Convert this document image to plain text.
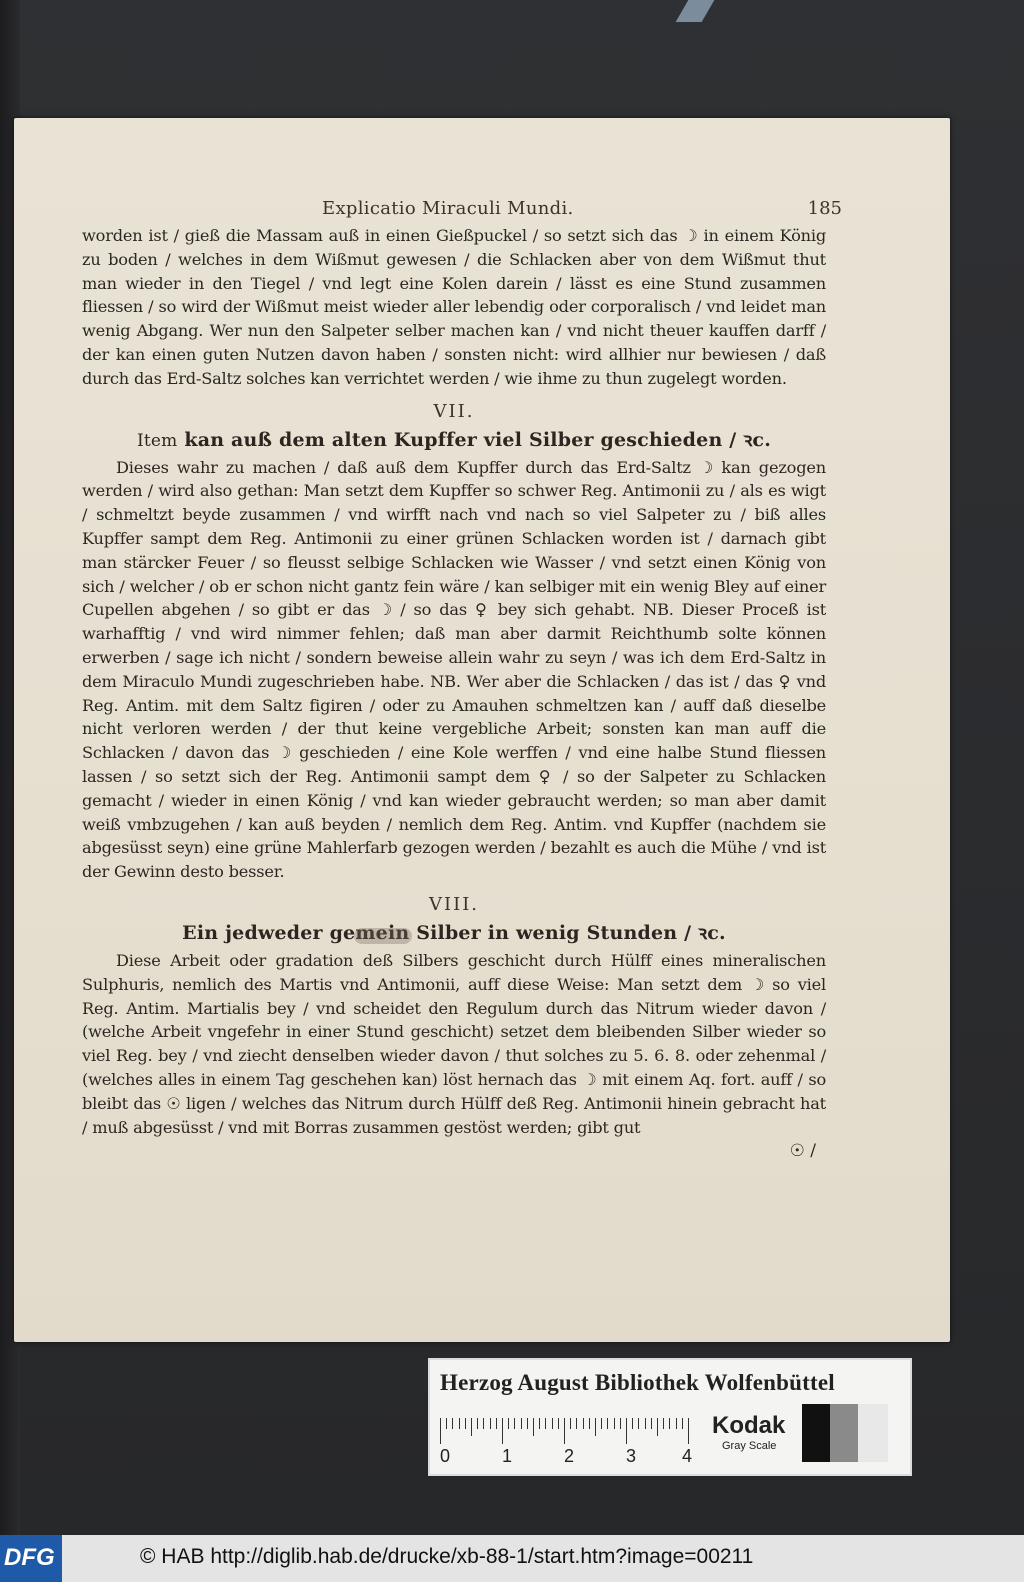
Explicatio Miraculi Mundi.	185

worden ist / gieß die Massam auß in einen Gießpuckel / so setzt sich das ☽ in einem König zu boden / welches in dem Wißmut gewesen / die Schlacken aber von dem Wißmut thut man wieder in den Tiegel / vnd legt eine Kolen darein / lässt es eine Stund zusammen fliessen / so wird der Wißmut meist wieder aller lebendig oder corporalisch / vnd leidet man wenig Abgang. Wer nun den Salpeter selber machen kan / vnd nicht theuer kauffen darff / der kan einen guten Nutzen davon haben / sonsten nicht: wird allhier nur bewiesen / daß durch das Erd-Saltz solches kan verrichtet werden / wie ihme zu thun zugelegt worden.

VII.
Item kan auß dem alten Kupffer viel Silber geschieden / ꝛc.

Dieses wahr zu machen / daß auß dem Kupffer durch das Erd-Saltz ☽ kan gezogen werden / wird also gethan: Man setzt dem Kupffer so schwer Reg. Antimonii zu / als es wigt / schmeltzt beyde zusammen / vnd wirfft nach vnd nach so viel Salpeter zu / biß alles Kupffer sampt dem Reg. Antimonii zu einer grünen Schlacken worden ist / darnach gibt man stärcker Feuer / so fleusst selbige Schlacken wie Wasser / vnd setzt einen König von sich / welcher / ob er schon nicht gantz fein wäre / kan selbiger mit ein wenig Bley auf einer Cupellen abgehen / so gibt er das ☽ / so das ♀ bey sich gehabt. NB. Dieser Proceß ist warhafftig / vnd wird nimmer fehlen; daß man aber darmit Reichthumb solte können erwerben / sage ich nicht / sondern beweise allein wahr zu seyn / was ich dem Erd-Saltz in dem Miraculo Mundi zugeschrieben habe. NB. Wer aber die Schlacken / das ist / das ♀ vnd Reg. Antim. mit dem Saltz figiren / oder zu Amauhen schmeltzen kan / auff daß dieselbe nicht verloren werden / der thut keine vergebliche Arbeit; sonsten kan man auff die Schlacken / davon das ☽ geschieden / eine Kole werffen / vnd eine halbe Stund fliessen lassen / so setzt sich der Reg. Antimonii sampt dem ♀ / so der Salpeter zu Schlacken gemacht / wieder in einen König / vnd kan wieder gebraucht werden; so man aber damit weiß vmbzugehen / kan auß beyden / nemlich dem Reg. Antim. vnd Kupffer (nachdem sie abgesüsst seyn) eine grüne Mahlerfarb gezogen werden / bezahlt es auch die Mühe / vnd ist der Gewinn desto besser.

VIII.
Ein jedweder gemein Silber in wenig Stunden / ꝛc.

Diese Arbeit oder gradation deß Silbers geschicht durch Hülff eines mineralischen Sulphuris, nemlich des Martis vnd Antimonii, auff diese Weise: Man setzt dem ☽ so viel Reg. Antim. Martialis bey / vnd scheidet den Regulum durch das Nitrum wieder davon / (welche Arbeit vngefehr in einer Stund geschicht) setzet dem bleibenden Silber wieder so viel Reg. bey / vnd ziecht denselben wieder davon / thut solches zu 5. 6. 8. oder zehenmal / (welches alles in einem Tag geschehen kan) löst hernach das ☽ mit einem Aq. fort. auff / so bleibt das ☉ ligen / welches das Nitrum durch Hülff deß Reg. Antimonii hinein gebracht hat / muß abgesüsst / vnd mit Borras zusammen gestöst werden; gibt gut

☉ /
Herzog August Bibliothek Wolfenbüttel
0	1	2	3	4
Kodak
Gray Scale
DFG	© HAB http://diglib.hab.de/drucke/xb-88-1/start.htm?image=00211
